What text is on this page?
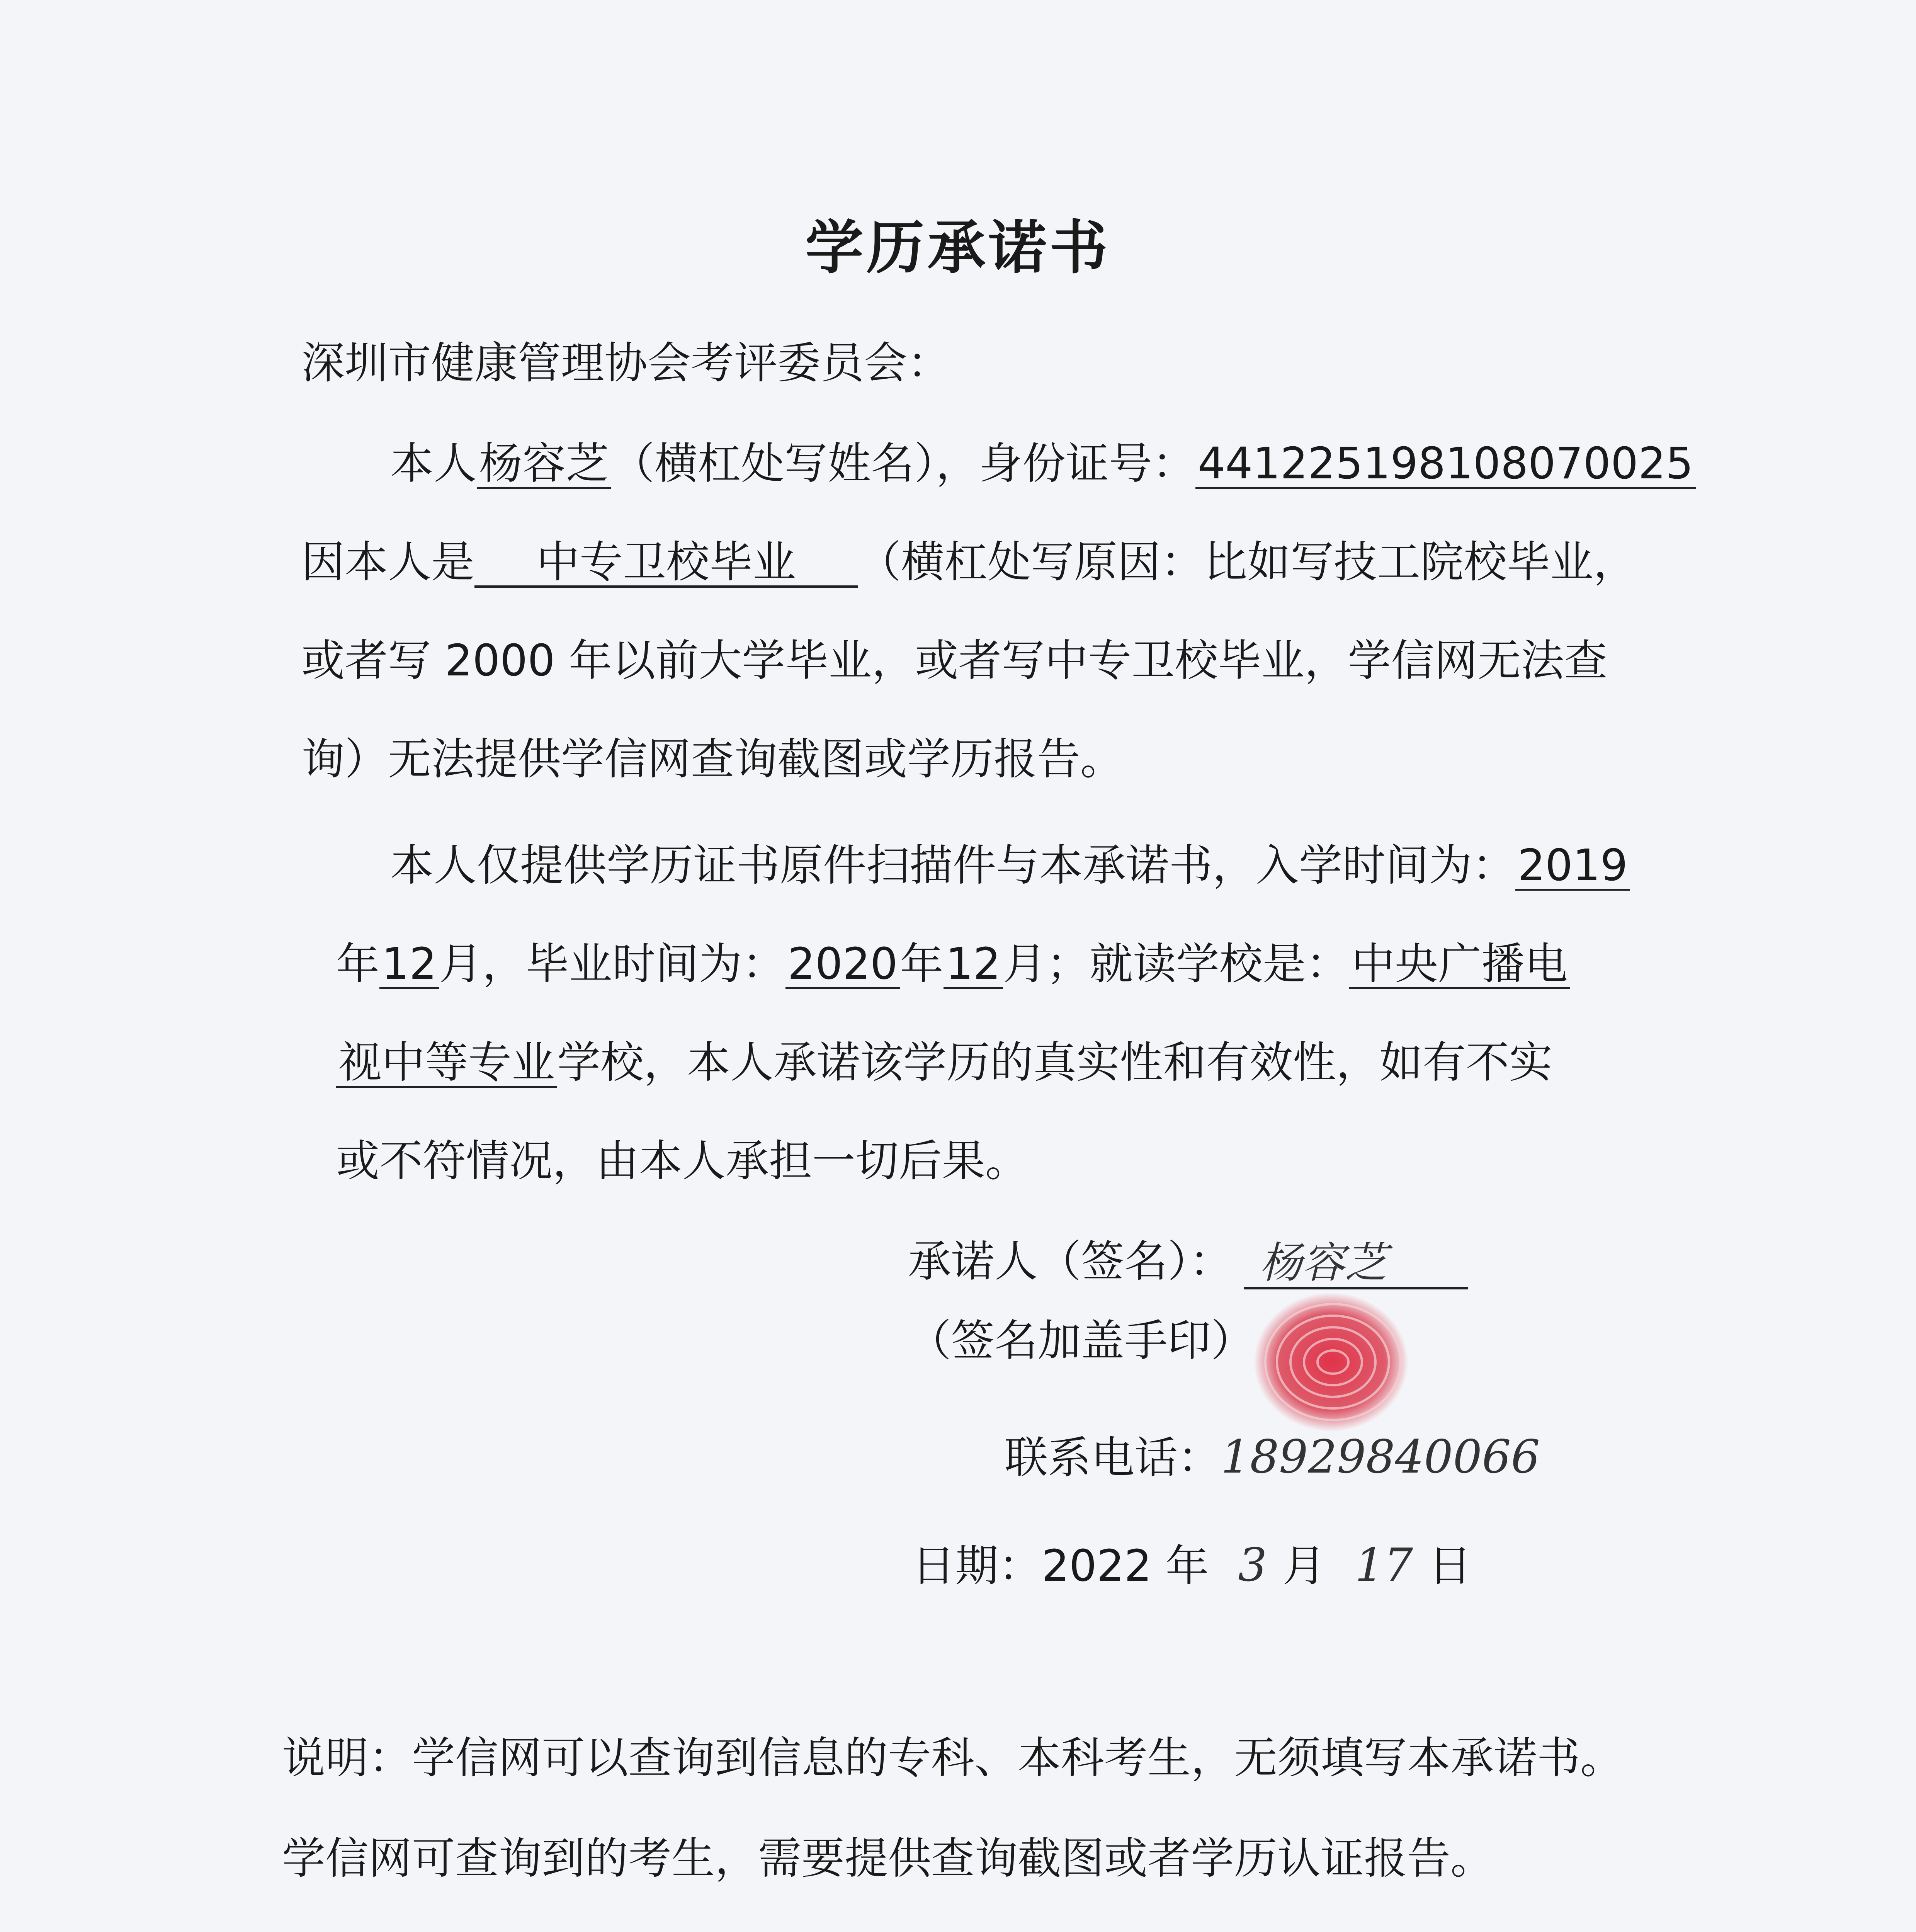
学历承诺书
深圳市健康管理协会考评委员会：
本人杨容芝（横杠处写姓名），身份证号：441225198108070025
因本人是 中专卫校毕业 （横杠处写原因：比如写技工院校毕业，
或者写 2000 年以前大学毕业，或者写中专卫校毕业，学信网无法查
询）无法提供学信网查询截图或学历报告。
本人仅提供学历证书原件扫描件与本承诺书，入学时间为：2019
年12月，毕业时间为：2020年12月；就读学校是：中央广播电
视中等专业学校，本人承诺该学历的真实性和有效性，如有不实
或不符情况，由本人承担一切后果。
承诺人（签名）： 杨容芝
（签名加盖手印）
联系电话：18929840066
日期：2022 年 3 月 17 日
说明：学信网可以查询到信息的专科、本科考生，无须填写本承诺书。
学信网可查询到的考生，需要提供查询截图或者学历认证报告。
